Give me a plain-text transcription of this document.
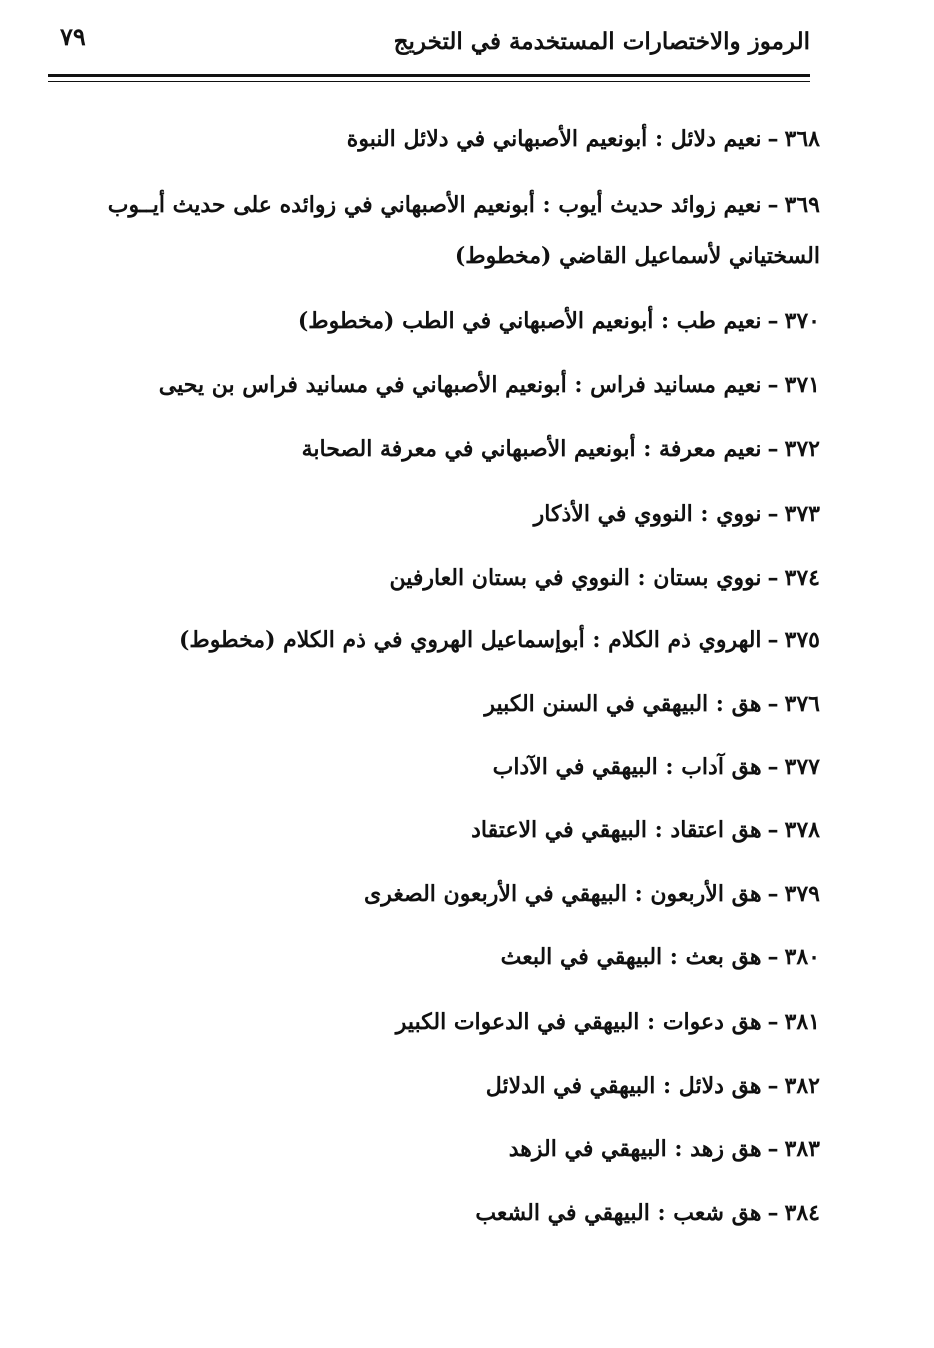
٧٩	الرموز والاختصارات المستخدمة في التخريج
٣٦٨–نعيم دلائل : أبونعيم الأصبهاني في دلائل النبوة
٣٦٩–نعيم زوائد حديث أيوب : أبونعيم الأصبهاني في زوائده على حديث أيــوب
السختياني لأسماعيل القاضي (مخطوط)
٣٧٠–نعيم طب : أبونعيم الأصبهاني في الطب (مخطوط)
٣٧١–نعيم مسانيد فراس : أبونعيم الأصبهاني في مسانيد فراس بن يحيى
٣٧٢–نعيم معرفة : أبونعيم الأصبهاني في معرفة الصحابة
٣٧٣–نووي : النووي في الأذكار
٣٧٤–نووي بستان : النووي في بستان العارفين
٣٧٥–الهروي ذم الكلام : أبوإسماعيل الهروي في ذم الكلام (مخطوط)
٣٧٦–هق : البيهقي في السنن الكبير
٣٧٧–هق آداب : البيهقي في الآداب
٣٧٨–هق اعتقاد : البيهقي في الاعتقاد
٣٧٩–هق الأربعون : البيهقي في الأربعون الصغرى
٣٨٠–هق بعث : البيهقي في البعث
٣٨١–هق دعوات : البيهقي في الدعوات الكبير
٣٨٢–هق دلائل : البيهقي في الدلائل
٣٨٣–هق زهد : البيهقي في الزهد
٣٨٤–هق شعب : البيهقي في الشعب
